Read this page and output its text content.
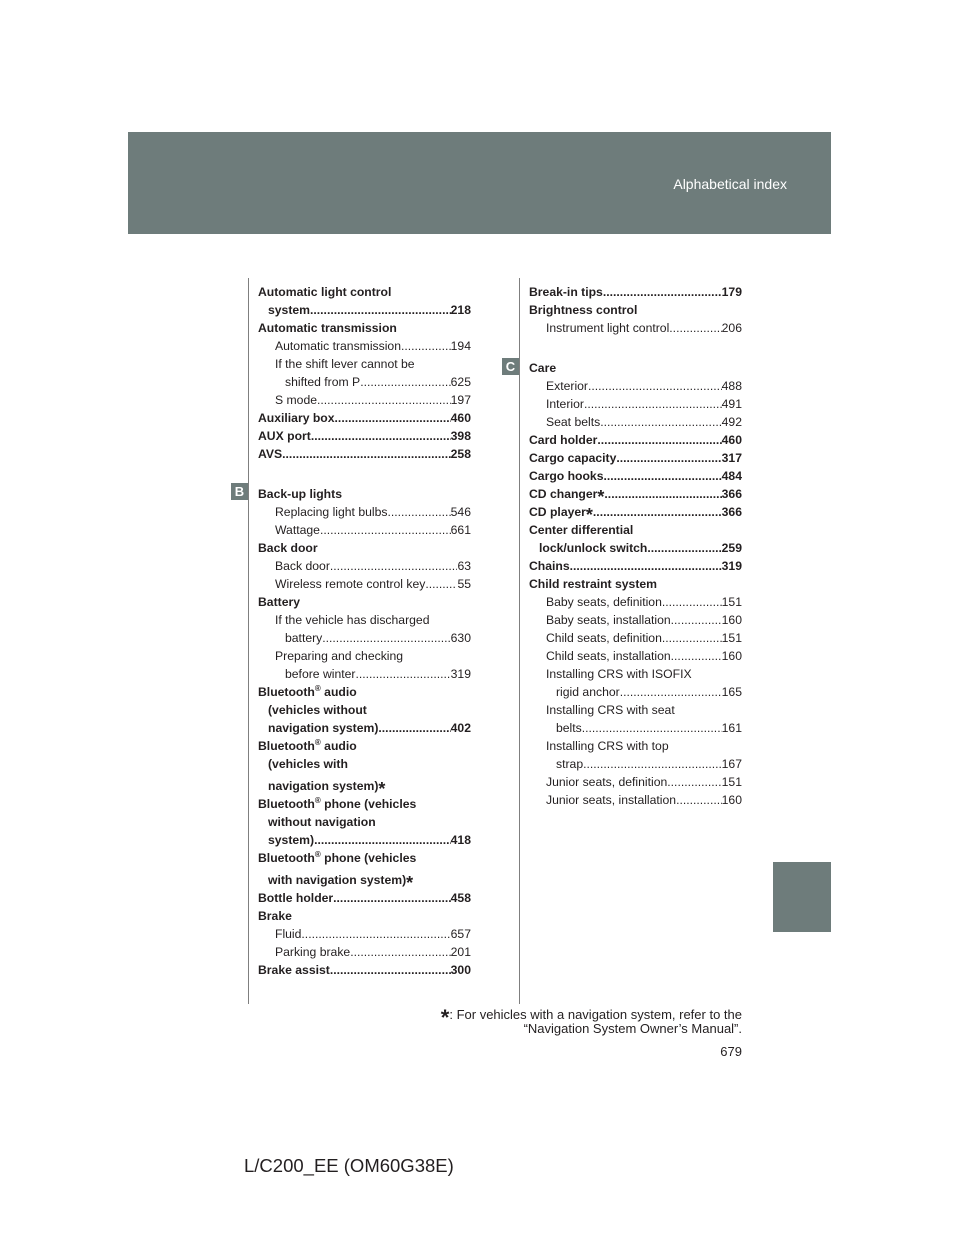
Alphabetical index
B
C
Automatic light control
system .....	218
Automatic transmission
Automatic transmission .....	194
If the shift lever cannot be
shifted from P .....	625
S mode .....	197
Auxiliary box .....	460
AUX port .....	398
AVS .....	258
Back-up lights
Replacing light bulbs .....	546
Wattage .....	661
Back door
Back door .....	63
Wireless remote control key .....	55
Battery
If the vehicle has discharged
battery .....	630
Preparing and checking
before winter .....	319
Bluetooth® audio
(vehicles without
navigation system) .....	402
Bluetooth® audio
(vehicles with
navigation system)*
Bluetooth® phone (vehicles
without navigation
system) .....	418
Bluetooth® phone (vehicles
with navigation system)*
Bottle holder .....	458
Brake
Fluid .....	657
Parking brake .....	201
Brake assist .....	300
Break-in tips .....	179
Brightness control
Instrument light control .....	206
Care
Exterior .....	488
Interior .....	491
Seat belts .....	492
Card holder .....	460
Cargo capacity .....	317
Cargo hooks .....	484
CD changer* .....	366
CD player* .....	366
Center differential
lock/unlock switch .....	259
Chains .....	319
Child restraint system
Baby seats, definition .....	151
Baby seats, installation .....	160
Child seats, definition .....	151
Child seats, installation .....	160
Installing CRS with ISOFIX
rigid anchor .....	165
Installing CRS with seat
belts .....	161
Installing CRS with top
strap .....	167
Junior seats, definition .....	151
Junior seats, installation .....	160
*: For vehicles with a navigation system, refer to the
“Navigation System Owner’s Manual”.
679
L/C200_EE (OM60G38E)
